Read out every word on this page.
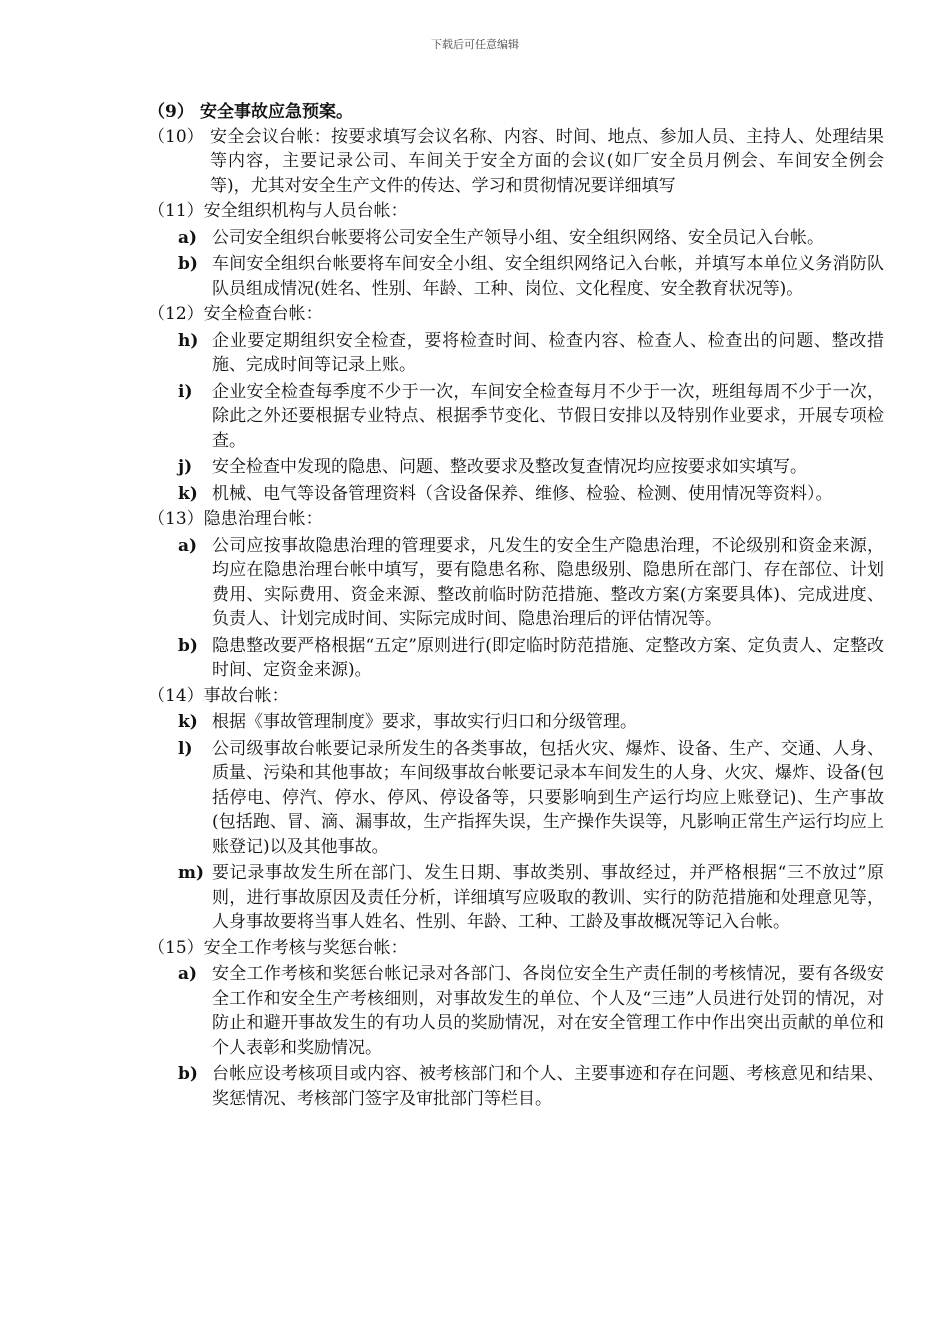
下载后可任意编辑
（9） 安全事故应急预案。
（10） 安全会议台帐：按要求填写会议名称、内容、时间、地点、参加人员、主持人、处理结果等内容，主要记录公司、车间关于安全方面的会议(如厂安全员月例会、车间安全例会等)，尤其对安全生产文件的传达、学习和贯彻情况要详细填写
（11）安全组织机构与人员台帐：
a) 公司安全组织台帐要将公司安全生产领导小组、安全组织网络、安全员记入台帐。
b) 车间安全组织台帐要将车间安全小组、安全组织网络记入台帐，并填写本单位义务消防队队员组成情况(姓名、性别、年龄、工种、岗位、文化程度、安全教育状况等)。
（12）安全检查台帐：
h) 企业要定期组织安全检查，要将检查时间、检查内容、检查人、检查出的问题、整改措施、完成时间等记录上账。
i)	企业安全检查每季度不少于一次，车间安全检查每月不少于一次，班组每周不少于一次，除此之外还要根据专业特点、根据季节变化、节假日安排以及特别作业要求，开展专项检查。
j)	安全检查中发现的隐患、问题、整改要求及整改复查情况均应按要求如实填写。
k) 机械、电气等设备管理资料（含设备保养、维修、检验、检测、使用情况等资料）。
（13）隐患治理台帐：
a) 公司应按事故隐患治理的管理要求，凡发生的安全生产隐患治理，不论级别和资金来源，均应在隐患治理台帐中填写，要有隐患名称、隐患级别、隐患所在部门、存在部位、计划费用、实际费用、资金来源、整改前临时防范措施、整改方案(方案要具体)、完成进度、负责人、计划完成时间、实际完成时间、隐患治理后的评估情况等。
b) 隐患整改要严格根据“五定”原则进行(即定临时防范措施、定整改方案、定负责人、定整改时间、定资金来源)。
（14）事故台帐：
k) 根据《事故管理制度》要求，事故实行归口和分级管理。
l)	公司级事故台帐要记录所发生的各类事故，包括火灾、爆炸、设备、生产、交通、人身、质量、污染和其他事故；车间级事故台帐要记录本车间发生的人身、火灾、爆炸、设备(包括停电、停汽、停水、停风、停设备等，只要影响到生产运行均应上账登记)、生产事故(包括跑、冒、滴、漏事故，生产指挥失误，生产操作失误等，凡影响正常生产运行均应上账登记)以及其他事故。
m) 要记录事故发生所在部门、发生日期、事故类别、事故经过，并严格根据“三不放过”原则，进行事故原因及责任分析，详细填写应吸取的教训、实行的防范措施和处理意见等，人身事故要将当事人姓名、性别、年龄、工种、工龄及事故概况等记入台帐。
（15）安全工作考核与奖惩台帐：
a) 安全工作考核和奖惩台帐记录对各部门、各岗位安全生产责任制的考核情况，要有各级安全工作和安全生产考核细则，对事故发生的单位、个人及“三违”人员进行处罚的情况，对防止和避开事故发生的有功人员的奖励情况，对在安全管理工作中作出突出贡献的单位和个人表彰和奖励情况。
b) 台帐应设考核项目或内容、被考核部门和个人、主要事迹和存在问题、考核意见和结果、奖惩情况、考核部门签字及审批部门等栏目。
